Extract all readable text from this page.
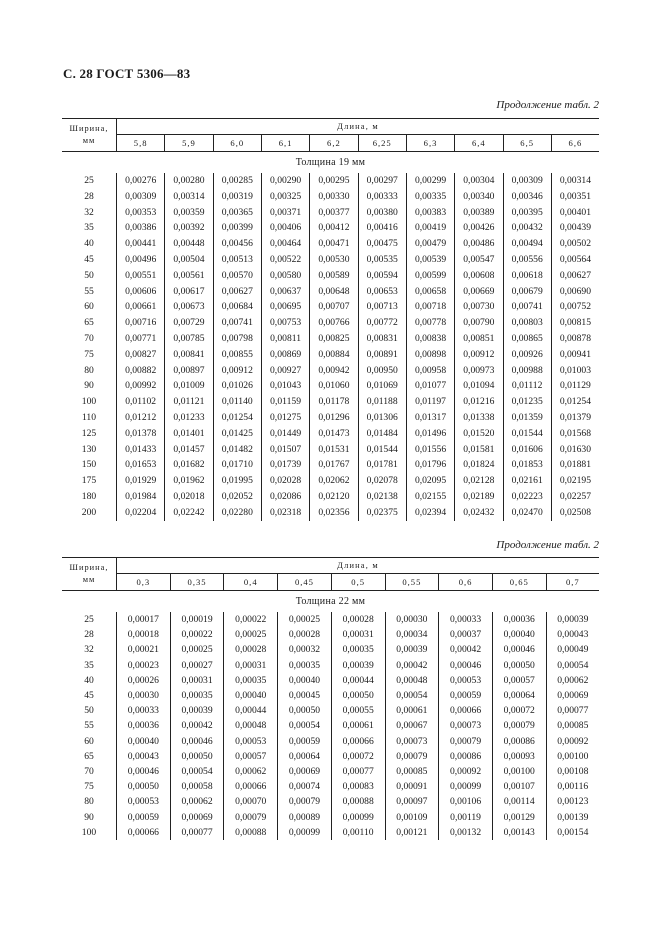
С. 28 ГОСТ 5306—83
Продолжение табл. 2
Ширина, мм	Длина, м									
	5,8	5,9	6,0	6,1	6,2	6,25	6,3	6,4	6,5	6,6
Толщина 19 мм										
25	0,00276	0,00280	0,00285	0,00290	0,00295	0,00297	0,00299	0,00304	0,00309	0,00314
28	0,00309	0,00314	0,00319	0,00325	0,00330	0,00333	0,00335	0,00340	0,00346	0,00351
32	0,00353	0,00359	0,00365	0,00371	0,00377	0,00380	0,00383	0,00389	0,00395	0,00401
35	0,00386	0,00392	0,00399	0,00406	0,00412	0,00416	0,00419	0,00426	0,00432	0,00439
40	0,00441	0,00448	0,00456	0,00464	0,00471	0,00475	0,00479	0,00486	0,00494	0,00502
45	0,00496	0,00504	0,00513	0,00522	0,00530	0,00535	0,00539	0,00547	0,00556	0,00564
50	0,00551	0,00561	0,00570	0,00580	0,00589	0,00594	0,00599	0,00608	0,00618	0,00627
55	0,00606	0,00617	0,00627	0,00637	0,00648	0,00653	0,00658	0,00669	0,00679	0,00690
60	0,00661	0,00673	0,00684	0,00695	0,00707	0,00713	0,00718	0,00730	0,00741	0,00752
65	0,00716	0,00729	0,00741	0,00753	0,00766	0,00772	0,00778	0,00790	0,00803	0,00815
70	0,00771	0,00785	0,00798	0,00811	0,00825	0,00831	0,00838	0,00851	0,00865	0,00878
75	0,00827	0,00841	0,00855	0,00869	0,00884	0,00891	0,00898	0,00912	0,00926	0,00941
80	0,00882	0,00897	0,00912	0,00927	0,00942	0,00950	0,00958	0,00973	0,00988	0,01003
90	0,00992	0,01009	0,01026	0,01043	0,01060	0,01069	0,01077	0,01094	0,01112	0,01129
100	0,01102	0,01121	0,01140	0,01159	0,01178	0,01188	0,01197	0,01216	0,01235	0,01254
110	0,01212	0,01233	0,01254	0,01275	0,01296	0,01306	0,01317	0,01338	0,01359	0,01379
125	0,01378	0,01401	0,01425	0,01449	0,01473	0,01484	0,01496	0,01520	0,01544	0,01568
130	0,01433	0,01457	0,01482	0,01507	0,01531	0,01544	0,01556	0,01581	0,01606	0,01630
150	0,01653	0,01682	0,01710	0,01739	0,01767	0,01781	0,01796	0,01824	0,01853	0,01881
175	0,01929	0,01962	0,01995	0,02028	0,02062	0,02078	0,02095	0,02128	0,02161	0,02195
180	0,01984	0,02018	0,02052	0,02086	0,02120	0,02138	0,02155	0,02189	0,02223	0,02257
200	0,02204	0,02242	0,02280	0,02318	0,02356	0,02375	0,02394	0,02432	0,02470	0,02508
Продолжение табл. 2
Ширина, мм	Длина, м								
	0,3	0,35	0,4	0,45	0,5	0,55	0,6	0,65	0,7
Толщина 22 мм									
25	0,00017	0,00019	0,00022	0,00025	0,00028	0,00030	0,00033	0,00036	0,00039
28	0,00018	0,00022	0,00025	0,00028	0,00031	0,00034	0,00037	0,00040	0,00043
32	0,00021	0,00025	0,00028	0,00032	0,00035	0,00039	0,00042	0,00046	0,00049
35	0,00023	0,00027	0,00031	0,00035	0,00039	0,00042	0,00046	0,00050	0,00054
40	0,00026	0,00031	0,00035	0,00040	0,00044	0,00048	0,00053	0,00057	0,00062
45	0,00030	0,00035	0,00040	0,00045	0,00050	0,00054	0,00059	0,00064	0,00069
50	0,00033	0,00039	0,00044	0,00050	0,00055	0,00061	0,00066	0,00072	0,00077
55	0,00036	0,00042	0,00048	0,00054	0,00061	0,00067	0,00073	0,00079	0,00085
60	0,00040	0,00046	0,00053	0,00059	0,00066	0,00073	0,00079	0,00086	0,00092
65	0,00043	0,00050	0,00057	0,00064	0,00072	0,00079	0,00086	0,00093	0,00100
70	0,00046	0,00054	0,00062	0,00069	0,00077	0,00085	0,00092	0,00100	0,00108
75	0,00050	0,00058	0,00066	0,00074	0,00083	0,00091	0,00099	0,00107	0,00116
80	0,00053	0,00062	0,00070	0,00079	0,00088	0,00097	0,00106	0,00114	0,00123
90	0,00059	0,00069	0,00079	0,00089	0,00099	0,00109	0,00119	0,00129	0,00139
100	0,00066	0,00077	0,00088	0,00099	0,00110	0,00121	0,00132	0,00143	0,00154
